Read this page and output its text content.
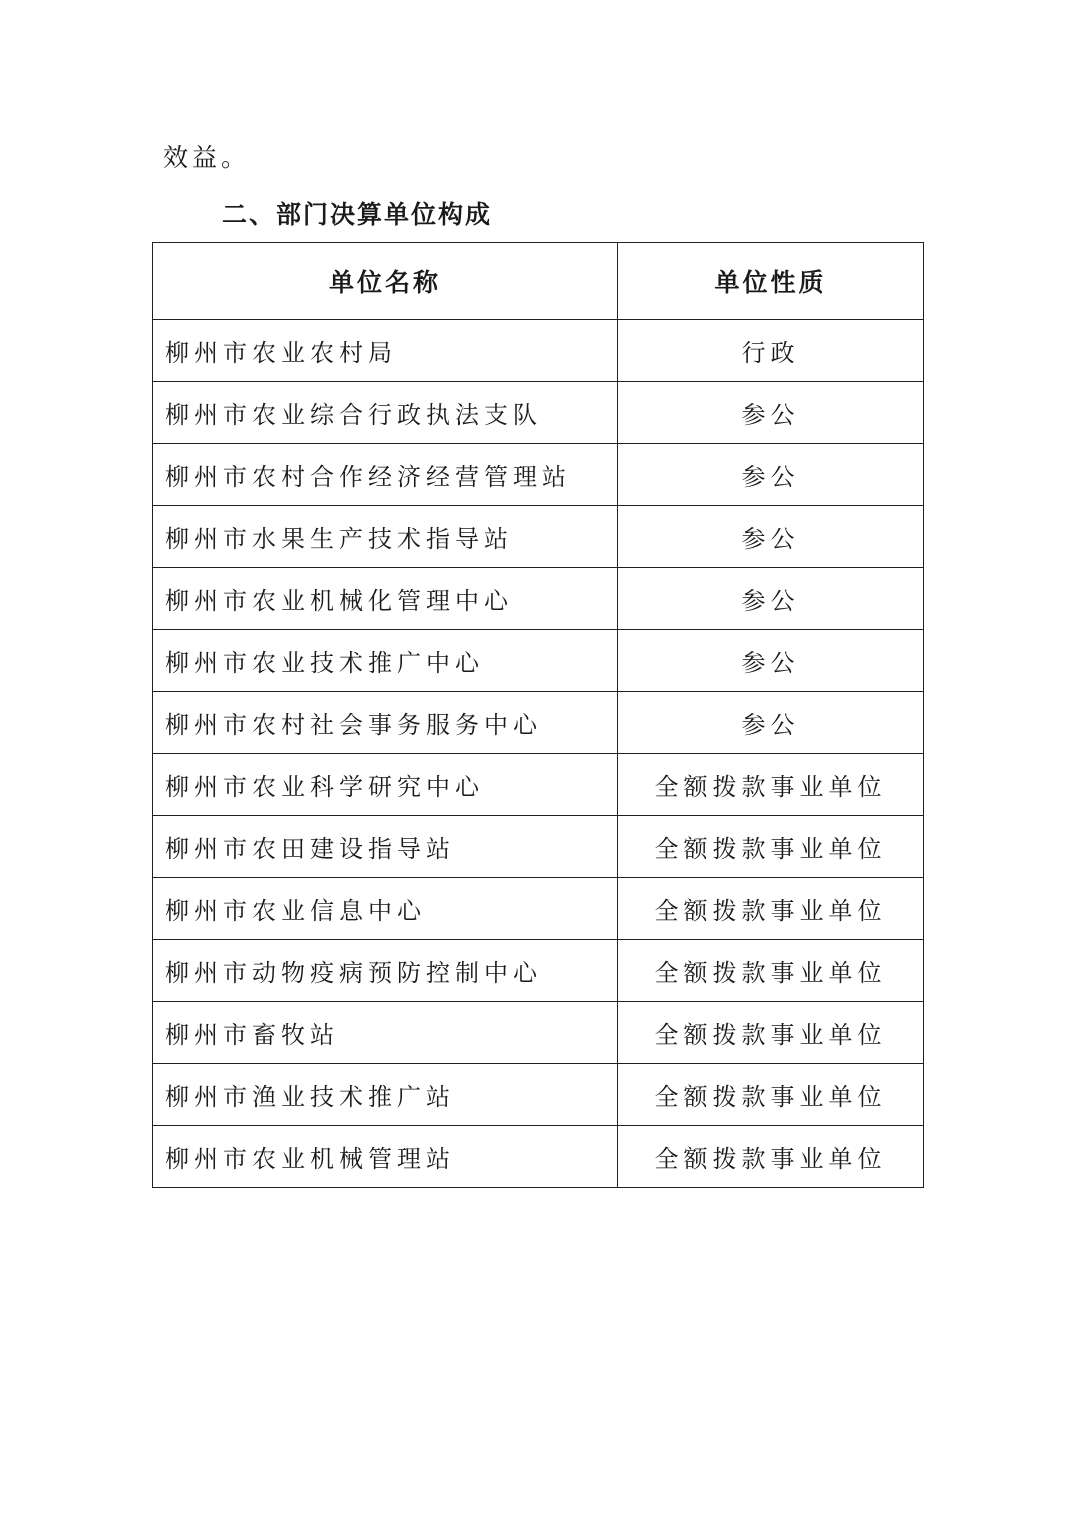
效益。
二、部门决算单位构成
单位名称	单位性质
柳州市农业农村局	行政
柳州市农业综合行政执法支队	参公
柳州市农村合作经济经营管理站	参公
柳州市水果生产技术指导站	参公
柳州市农业机械化管理中心	参公
柳州市农业技术推广中心	参公
柳州市农村社会事务服务中心	参公
柳州市农业科学研究中心	全额拨款事业单位
柳州市农田建设指导站	全额拨款事业单位
柳州市农业信息中心	全额拨款事业单位
柳州市动物疫病预防控制中心	全额拨款事业单位
柳州市畜牧站	全额拨款事业单位
柳州市渔业技术推广站	全额拨款事业单位
柳州市农业机械管理站	全额拨款事业单位
